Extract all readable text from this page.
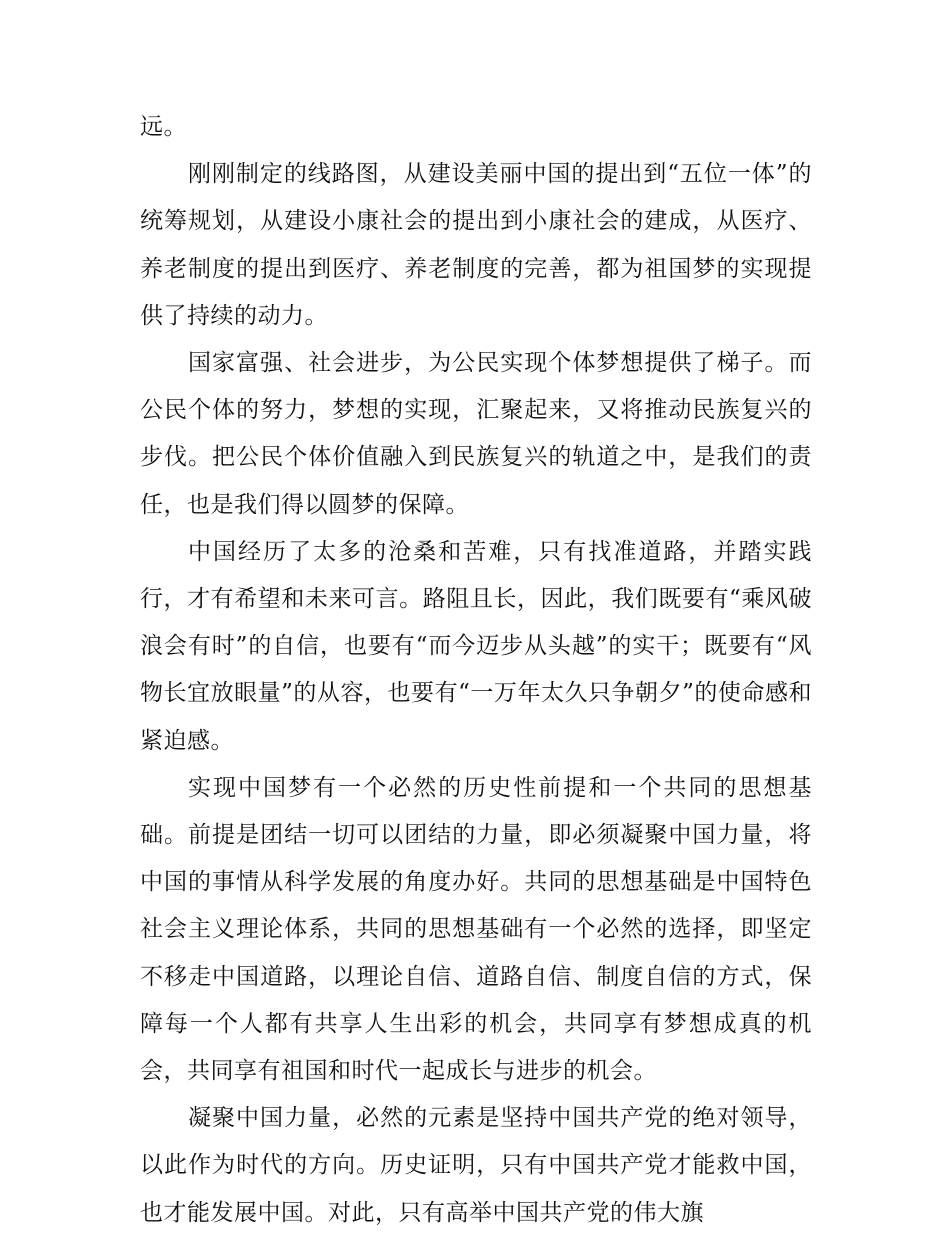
远。

刚刚制定的线路图，从建设美丽中国的提出到“五位一体”的统筹规划，从建设小康社会的提出到小康社会的建成，从医疗、养老制度的提出到医疗、养老制度的完善，都为祖国梦的实现提供了持续的动力。

国家富强、社会进步，为公民实现个体梦想提供了梯子。而公民个体的努力，梦想的实现，汇聚起来，又将推动民族复兴的步伐。把公民个体价值融入到民族复兴的轨道之中，是我们的责任，也是我们得以圆梦的保障。

中国经历了太多的沧桑和苦难，只有找准道路，并踏实践行，才有希望和未来可言。路阻且长，因此，我们既要有“乘风破浪会有时”的自信，也要有“而今迈步从头越”的实干；既要有“风物长宜放眼量”的从容，也要有“一万年太久只争朝夕”的使命感和紧迫感。

实现中国梦有一个必然的历史性前提和一个共同的思想基础。前提是团结一切可以团结的力量，即必须凝聚中国力量，将中国的事情从科学发展的角度办好。共同的思想基础是中国特色社会主义理论体系，共同的思想基础有一个必然的选择，即坚定不移走中国道路，以理论自信、道路自信、制度自信的方式，保障每一个人都有共享人生出彩的机会，共同享有梦想成真的机会，共同享有祖国和时代一起成长与进步的机会。

凝聚中国力量，必然的元素是坚持中国共产党的绝对领导，以此作为时代的方向。历史证明，只有中国共产党才能救中国，也才能发展中国。对此，只有高举中国共产党的伟大旗
